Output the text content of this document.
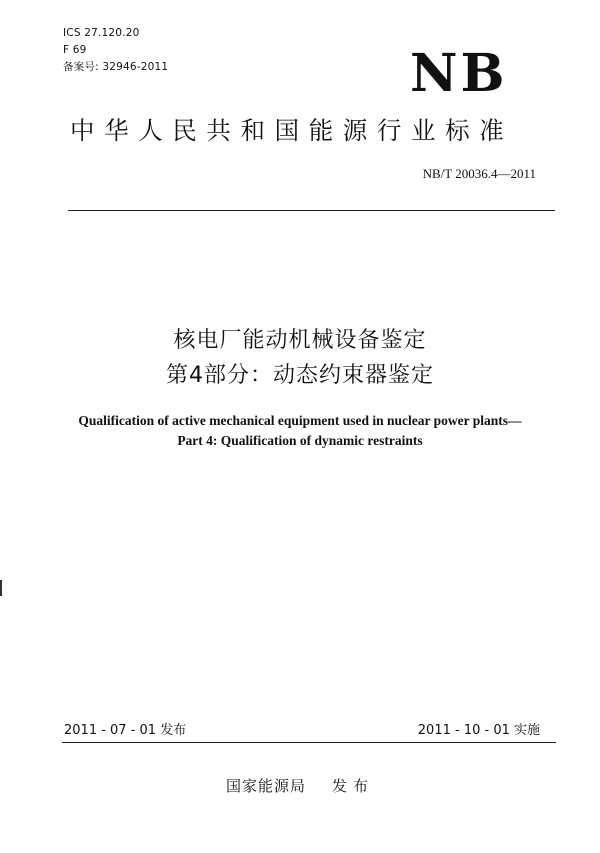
ICS 27.120.20
F 69
备案号: 32946-2011	NB
中华人民共和国能源行业标准
NB/T 20036.4—2011
核电厂能动机械设备鉴定
第4部分：动态约束器鉴定
Qualification of active mechanical equipment used in nuclear power plants—
Part 4: Qualification of dynamic restraints
2011 - 07 - 01 发布	2011 - 10 - 01 实施
国家能源局 发布
